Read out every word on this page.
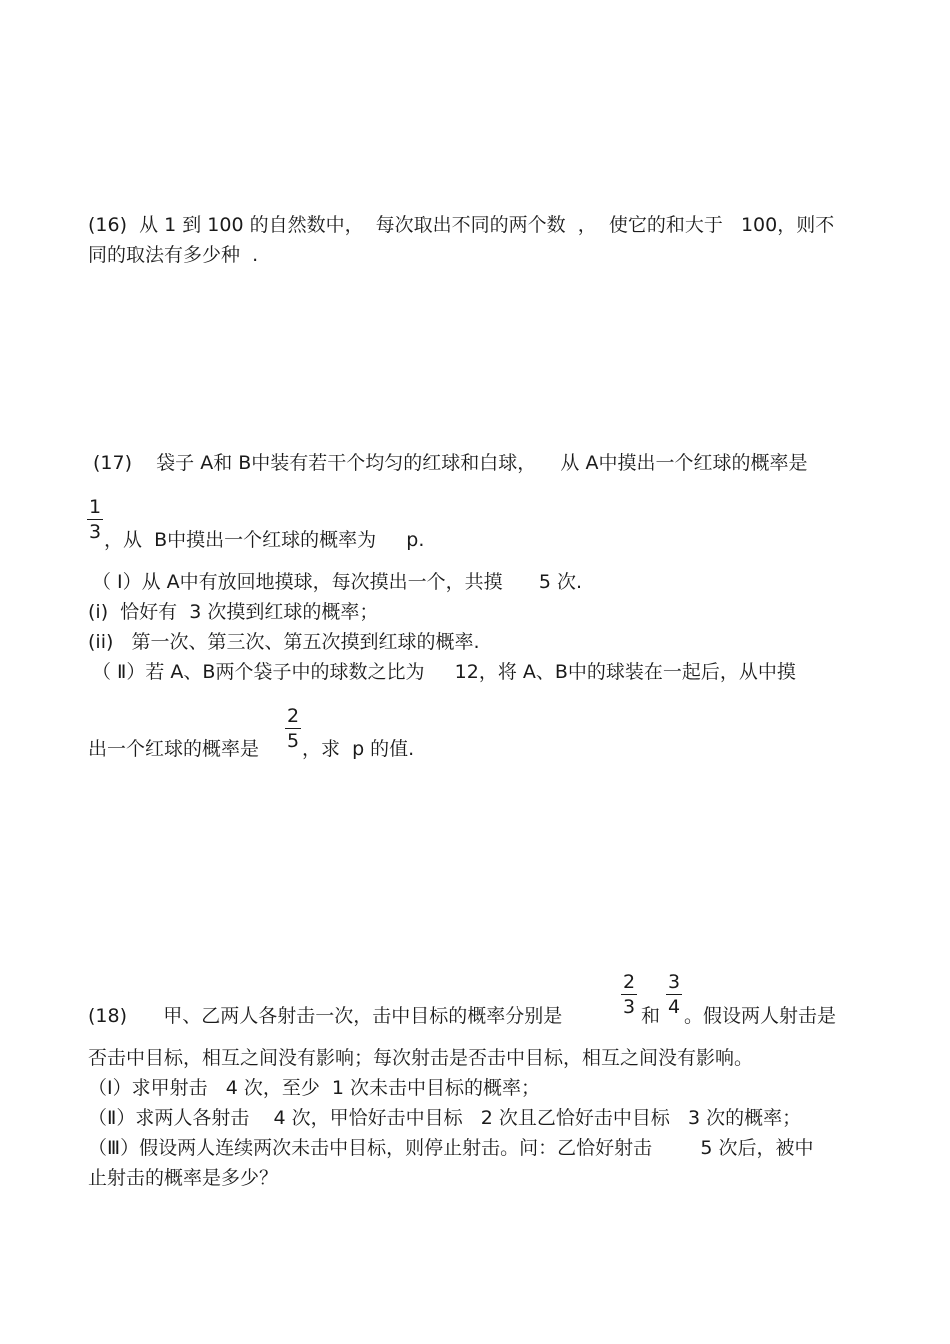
(16)  从 1 到 100 的自然数中，  每次取出不同的两个数  ，  使它的和大于   100，则不
同的取法有多少种  .
(17)    袋子 A和 B中装有若干个均匀的红球和白球，    从 A中摸出一个红球的概率是
1
3 ，从  B中摸出一个红球的概率为     p.
（ Ⅰ）从 A中有放回地摸球，每次摸出一个，共摸      5 次.
(i)  恰好有  3 次摸到红球的概率；
(ii)   第一次、第三次、第五次摸到红球的概率.
（ Ⅱ）若 A、B两个袋子中的球数之比为     12，将 A、B中的球装在一起后，从中摸
出一个红球的概率是
2
5 ，求  p 的值.
(18)      甲、乙两人各射击一次，击中目标的概率分别是
2
3 和
3
4 。假设两人射击是
否击中目标，相互之间没有影响；每次射击是否击中目标，相互之间没有影响。
（Ⅰ）求甲射击   4 次，至少  1 次未击中目标的概率；
（Ⅱ）求两人各射击    4 次，甲恰好击中目标   2 次且乙恰好击中目标   3 次的概率；
（Ⅲ）假设两人连续两次未击中目标，则停止射击。问：乙恰好射击        5 次后，被中
止射击的概率是多少？
